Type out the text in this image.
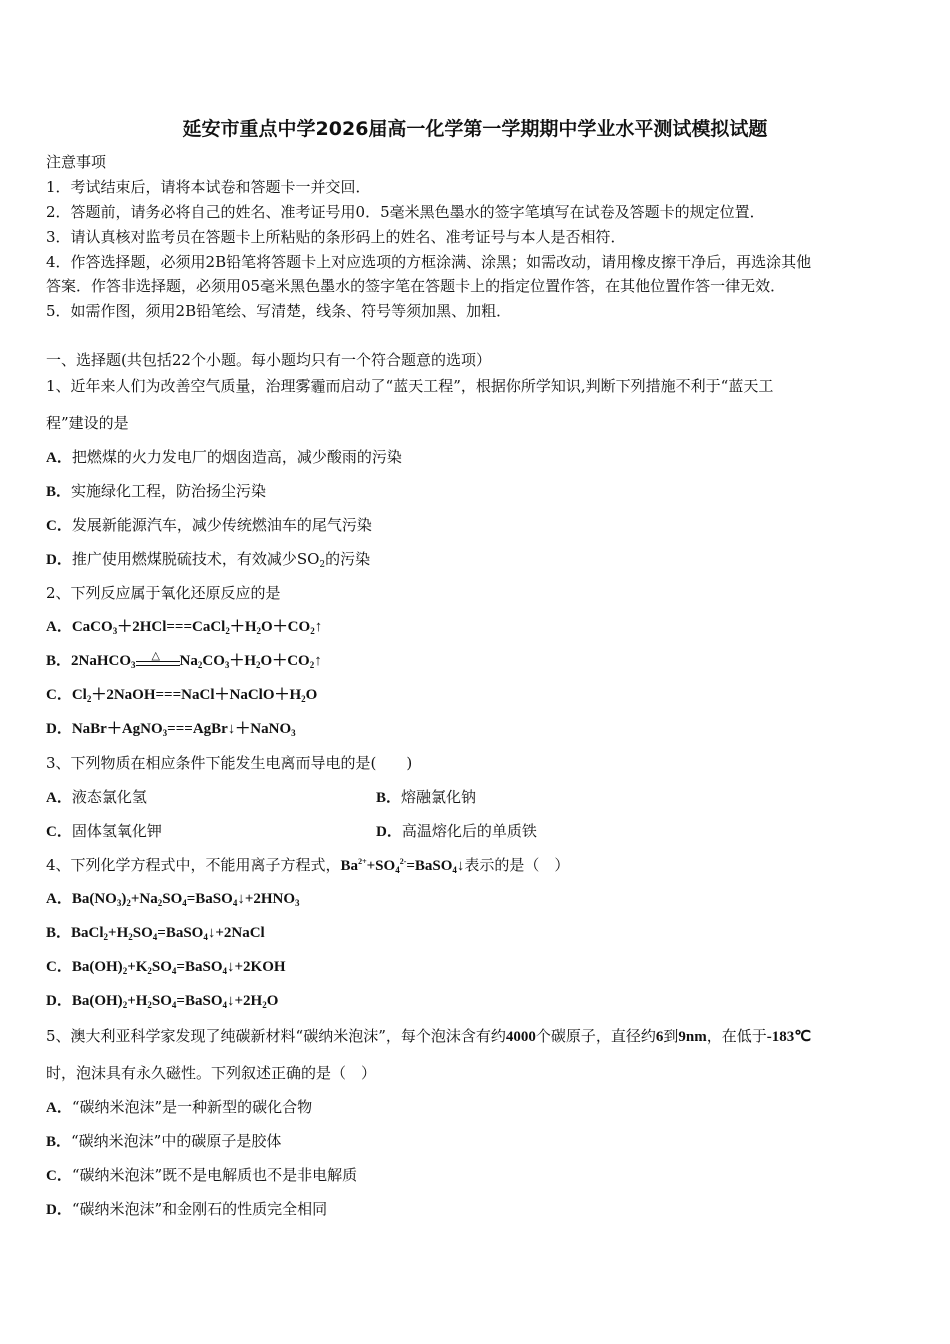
延安市重点中学2026届高一化学第一学期期中学业水平测试模拟试题
注意事项
1．考试结束后，请将本试卷和答题卡一并交回．
2．答题前，请务必将自己的姓名、准考证号用0．5毫米黑色墨水的签字笔填写在试卷及答题卡的规定位置．
3．请认真核对监考员在答题卡上所粘贴的条形码上的姓名、准考证号与本人是否相符．
4．作答选择题，必须用2B铅笔将答题卡上对应选项的方框涂满、涂黑；如需改动，请用橡皮擦干净后，再选涂其他
答案．作答非选择题，必须用05毫米黑色墨水的签字笔在答题卡上的指定位置作答，在其他位置作答一律无效．
5．如需作图，须用2B铅笔绘、写清楚，线条、符号等须加黑、加粗．
一、选择题(共包括22个小题。每小题均只有一个符合题意的选项）
1、近年来人们为改善空气质量，治理雾霾而启动了“蓝天工程”，根据你所学知识,判断下列措施不利于“蓝天工
程”建设的是
A．把燃煤的火力发电厂的烟囱造高，减少酸雨的污染
B．实施绿化工程，防治扬尘污染
C．发展新能源汽车，减少传统燃油车的尾气污染
D．推广使用燃煤脱硫技术，有效减少$SO_2$的污染
2、下列反应属于氧化还原反应的是
A．$CaCO_3+2HCl===CaCl_2+H_2O+CO_2↑$
B．2NaHCO$_3$
△ $Na_2CO_3+H_2O+CO_2↑$
C．$Cl_2+2NaOH===NaCl+NaClO+H_2O$
D．NaBr＋AgNO$_3$===AgBr↓＋NaNO$_3$
3、下列物质在相应条件下能发生电离而导电的是(　　)
A．液态氯化氢	B．熔融氯化钠
C．固体氢氧化钾	D．高温熔化后的单质铁
4、下列化学方程式中，不能用离子方程式，$Ba^{2+}+SO_4^{2-}=BaSO_4↓$表示的是（　）
A．$Ba(NO_3)_2+Na_2SO_4=BaSO_4↓+2HNO_3$
B．$BaCl_2+H_2SO_4=BaSO_4↓+2NaCl$
C．$Ba(OH)_2+K_2SO_4=BaSO_4↓+2KOH$
D．$Ba(OH)_2+H_2SO_4=BaSO_4↓+2H_2O$
5、澳大利亚科学家发现了纯碳新材料“碳纳米泡沫”，每个泡沫含有约4000个碳原子，直径约6到9nm，在低于-183℃
时，泡沫具有永久磁性。下列叙述正确的是（　）
A．“碳纳米泡沫”是一种新型的碳化合物
B．“碳纳米泡沫”中的碳原子是胶体
C．“碳纳米泡沫”既不是电解质也不是非电解质
D．“碳纳米泡沫”和金刚石的性质完全相同
